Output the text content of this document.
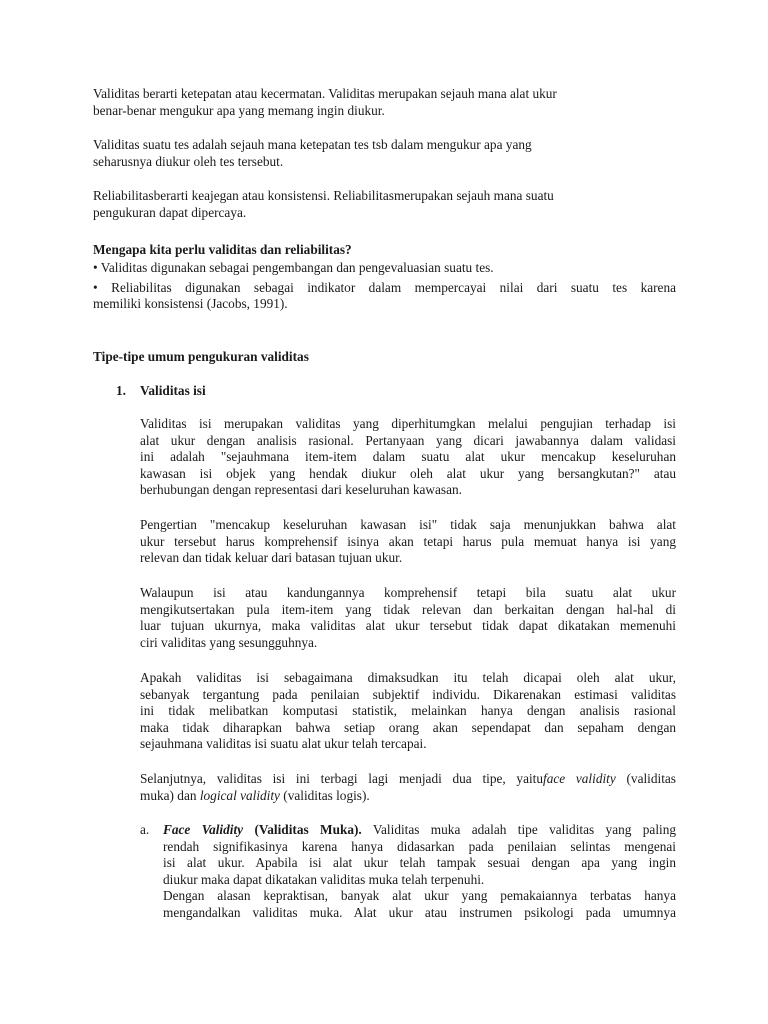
Validitas berarti ketepatan atau kecermatan. Validitas merupakan sejauh mana alat ukur
benar-benar mengukur apa yang memang ingin diukur.
Validitas suatu tes adalah sejauh mana ketepatan tes tsb dalam mengukur apa yang
seharusnya diukur oleh tes tersebut.
Reliabilitasberarti keajegan atau konsistensi. Reliabilitasmerupakan sejauh mana suatu
pengukuran dapat dipercaya.
Mengapa kita perlu validitas dan reliabilitas?
• Validitas digunakan sebagai pengembangan dan pengevaluasian suatu tes.
• Reliabilitas digunakan sebagai indikator dalam mempercayai nilai dari suatu tes karena
memiliki konsistensi (Jacobs, 1991).
Tipe-tipe umum pengukuran validitas
1. Validitas isi
Validitas isi merupakan validitas yang diperhitumgkan melalui pengujian terhadap isi
alat ukur dengan analisis rasional. Pertanyaan yang dicari jawabannya dalam validasi
ini adalah "sejauhmana item-item dalam suatu alat ukur mencakup keseluruhan
kawasan isi objek yang hendak diukur oleh alat ukur yang bersangkutan?" atau
berhubungan dengan representasi dari keseluruhan kawasan.
Pengertian "mencakup keseluruhan kawasan isi" tidak saja menunjukkan bahwa alat
ukur tersebut harus komprehensif isinya akan tetapi harus pula memuat hanya isi yang
relevan dan tidak keluar dari batasan tujuan ukur.
Walaupun isi atau kandungannya komprehensif tetapi bila suatu alat ukur
mengikutsertakan pula item-item yang tidak relevan dan berkaitan dengan hal-hal di
luar tujuan ukurnya, maka validitas alat ukur tersebut tidak dapat dikatakan memenuhi
ciri validitas yang sesungguhnya.
Apakah validitas isi sebagaimana dimaksudkan itu telah dicapai oleh alat ukur,
sebanyak tergantung pada penilaian subjektif individu. Dikarenakan estimasi validitas
ini tidak melibatkan komputasi statistik, melainkan hanya dengan analisis rasional
maka tidak diharapkan bahwa setiap orang akan sependapat dan sepaham dengan
sejauhmana validitas isi suatu alat ukur telah tercapai.
Selanjutnya, validitas isi ini terbagi lagi menjadi dua tipe, yaituface validity (validitas
muka) dan logical validity (validitas logis).
a. Face Validity (Validitas Muka). Validitas muka adalah tipe validitas yang paling
rendah signifikasinya karena hanya didasarkan pada penilaian selintas mengenai
isi alat ukur. Apabila isi alat ukur telah tampak sesuai dengan apa yang ingin
diukur maka dapat dikatakan validitas muka telah terpenuhi.
Dengan alasan kepraktisan, banyak alat ukur yang pemakaiannya terbatas hanya
mengandalkan validitas muka. Alat ukur atau instrumen psikologi pada umumnya
